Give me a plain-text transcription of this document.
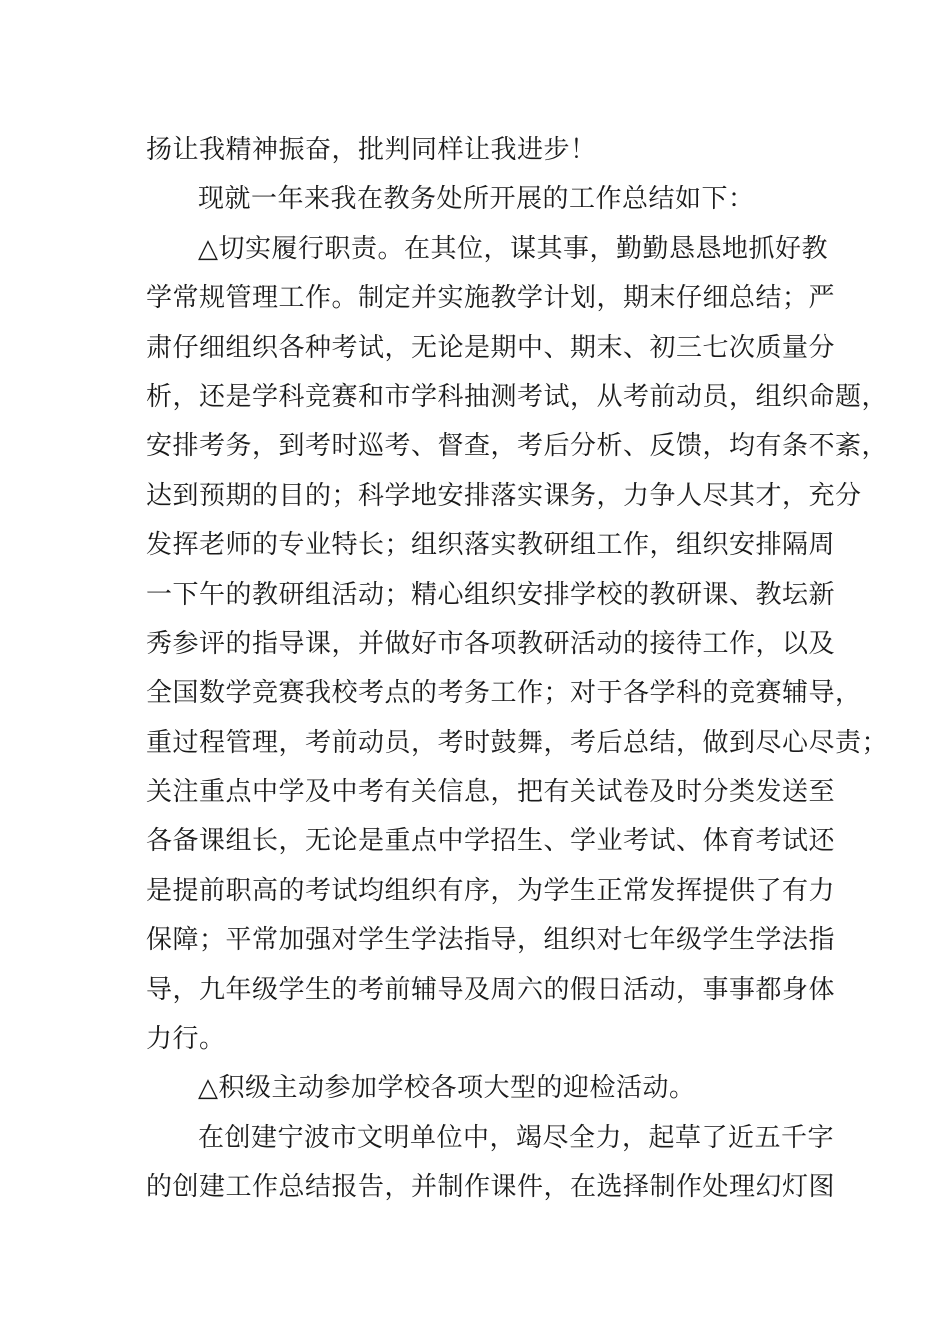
扬让我精神振奋，批判同样让我进步！
现就一年来我在教务处所开展的工作总结如下：
△切实履行职责。在其位，谋其事，勤勤恳恳地抓好教
学常规管理工作。制定并实施教学计划，期末仔细总结；严
肃仔细组织各种考试，无论是期中、期末、初三七次质量分
析，还是学科竞赛和市学科抽测考试，从考前动员，组织命题，
安排考务，到考时巡考、督查，考后分析、反馈，均有条不紊，
达到预期的目的；科学地安排落实课务，力争人尽其才，充分
发挥老师的专业特长；组织落实教研组工作，组织安排隔周
一下午的教研组活动；精心组织安排学校的教研课、教坛新
秀参评的指导课，并做好市各项教研活动的接待工作，以及
全国数学竞赛我校考点的考务工作；对于各学科的竞赛辅导，
重过程管理，考前动员，考时鼓舞，考后总结，做到尽心尽责；
关注重点中学及中考有关信息，把有关试卷及时分类发送至
各备课组长，无论是重点中学招生、学业考试、体育考试还
是提前职高的考试均组织有序，为学生正常发挥提供了有力
保障；平常加强对学生学法指导，组织对七年级学生学法指
导，九年级学生的考前辅导及周六的假日活动，事事都身体
力行。
△积级主动参加学校各项大型的迎检活动。
在创建宁波市文明单位中，竭尽全力，起草了近五千字
的创建工作总结报告，并制作课件，在选择制作处理幻灯图
